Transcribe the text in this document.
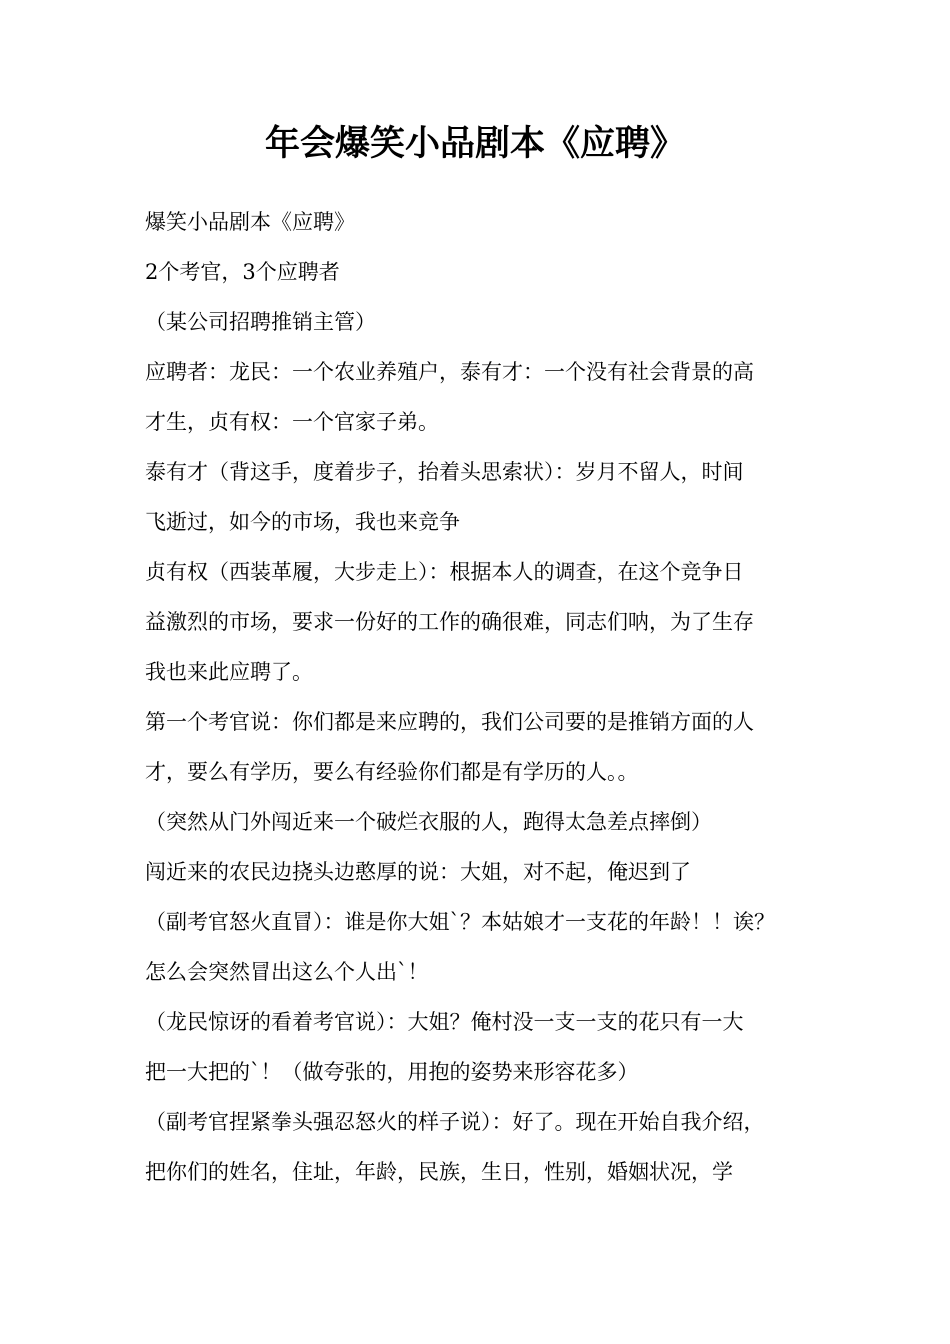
年会爆笑小品剧本《应聘》
爆笑小品剧本《应聘》
2个考官，3个应聘者
（某公司招聘推销主管）
应聘者：龙民：一个农业养殖户，泰有才：一个没有社会背景的高
才生，贞有权：一个官家子弟。
泰有才（背这手，度着步子，抬着头思索状）：岁月不留人，时间
飞逝过，如今的市场，我也来竞争
贞有权（西装革履，大步走上）：根据本人的调查，在这个竞争日
益激烈的市场，要求一份好的工作的确很难，同志们呐，为了生存
我也来此应聘了。
第一个考官说：你们都是来应聘的，我们公司要的是推销方面的人
才，要么有学历，要么有经验你们都是有学历的人。。
（突然从门外闯近来一个破烂衣服的人，跑得太急差点摔倒）
闯近来的农民边挠头边憨厚的说：大姐，对不起，俺迟到了
（副考官怒火直冒）：谁是你大姐`？本姑娘才一支花的年龄！！诶？
怎么会突然冒出这么个人出`！
（龙民惊讶的看着考官说）：大姐？俺村没一支一支的花只有一大
把一大把的`！（做夸张的，用抱的姿势来形容花多）
（副考官捏紧拳头强忍怒火的样子说）：好了。现在开始自我介绍，
把你们的姓名，住址，年龄，民族，生日，性别，婚姻状况，学
